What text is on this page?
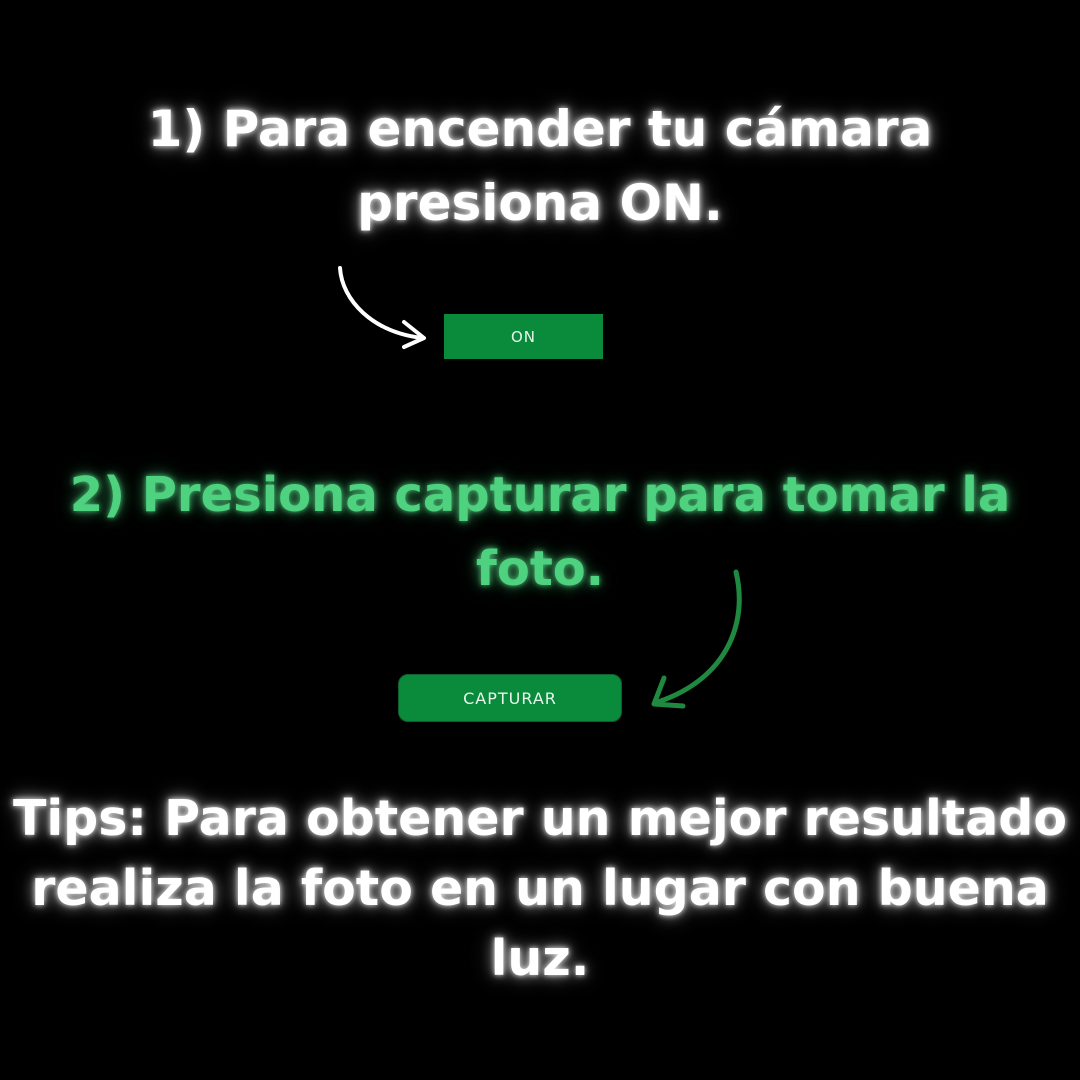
1) Para encender tu cámara presiona ON.
ON
2) Presiona capturar para tomar la foto.
CAPTURAR
Tips: Para obtener un mejor resultado realiza la foto en un lugar con buena luz.
